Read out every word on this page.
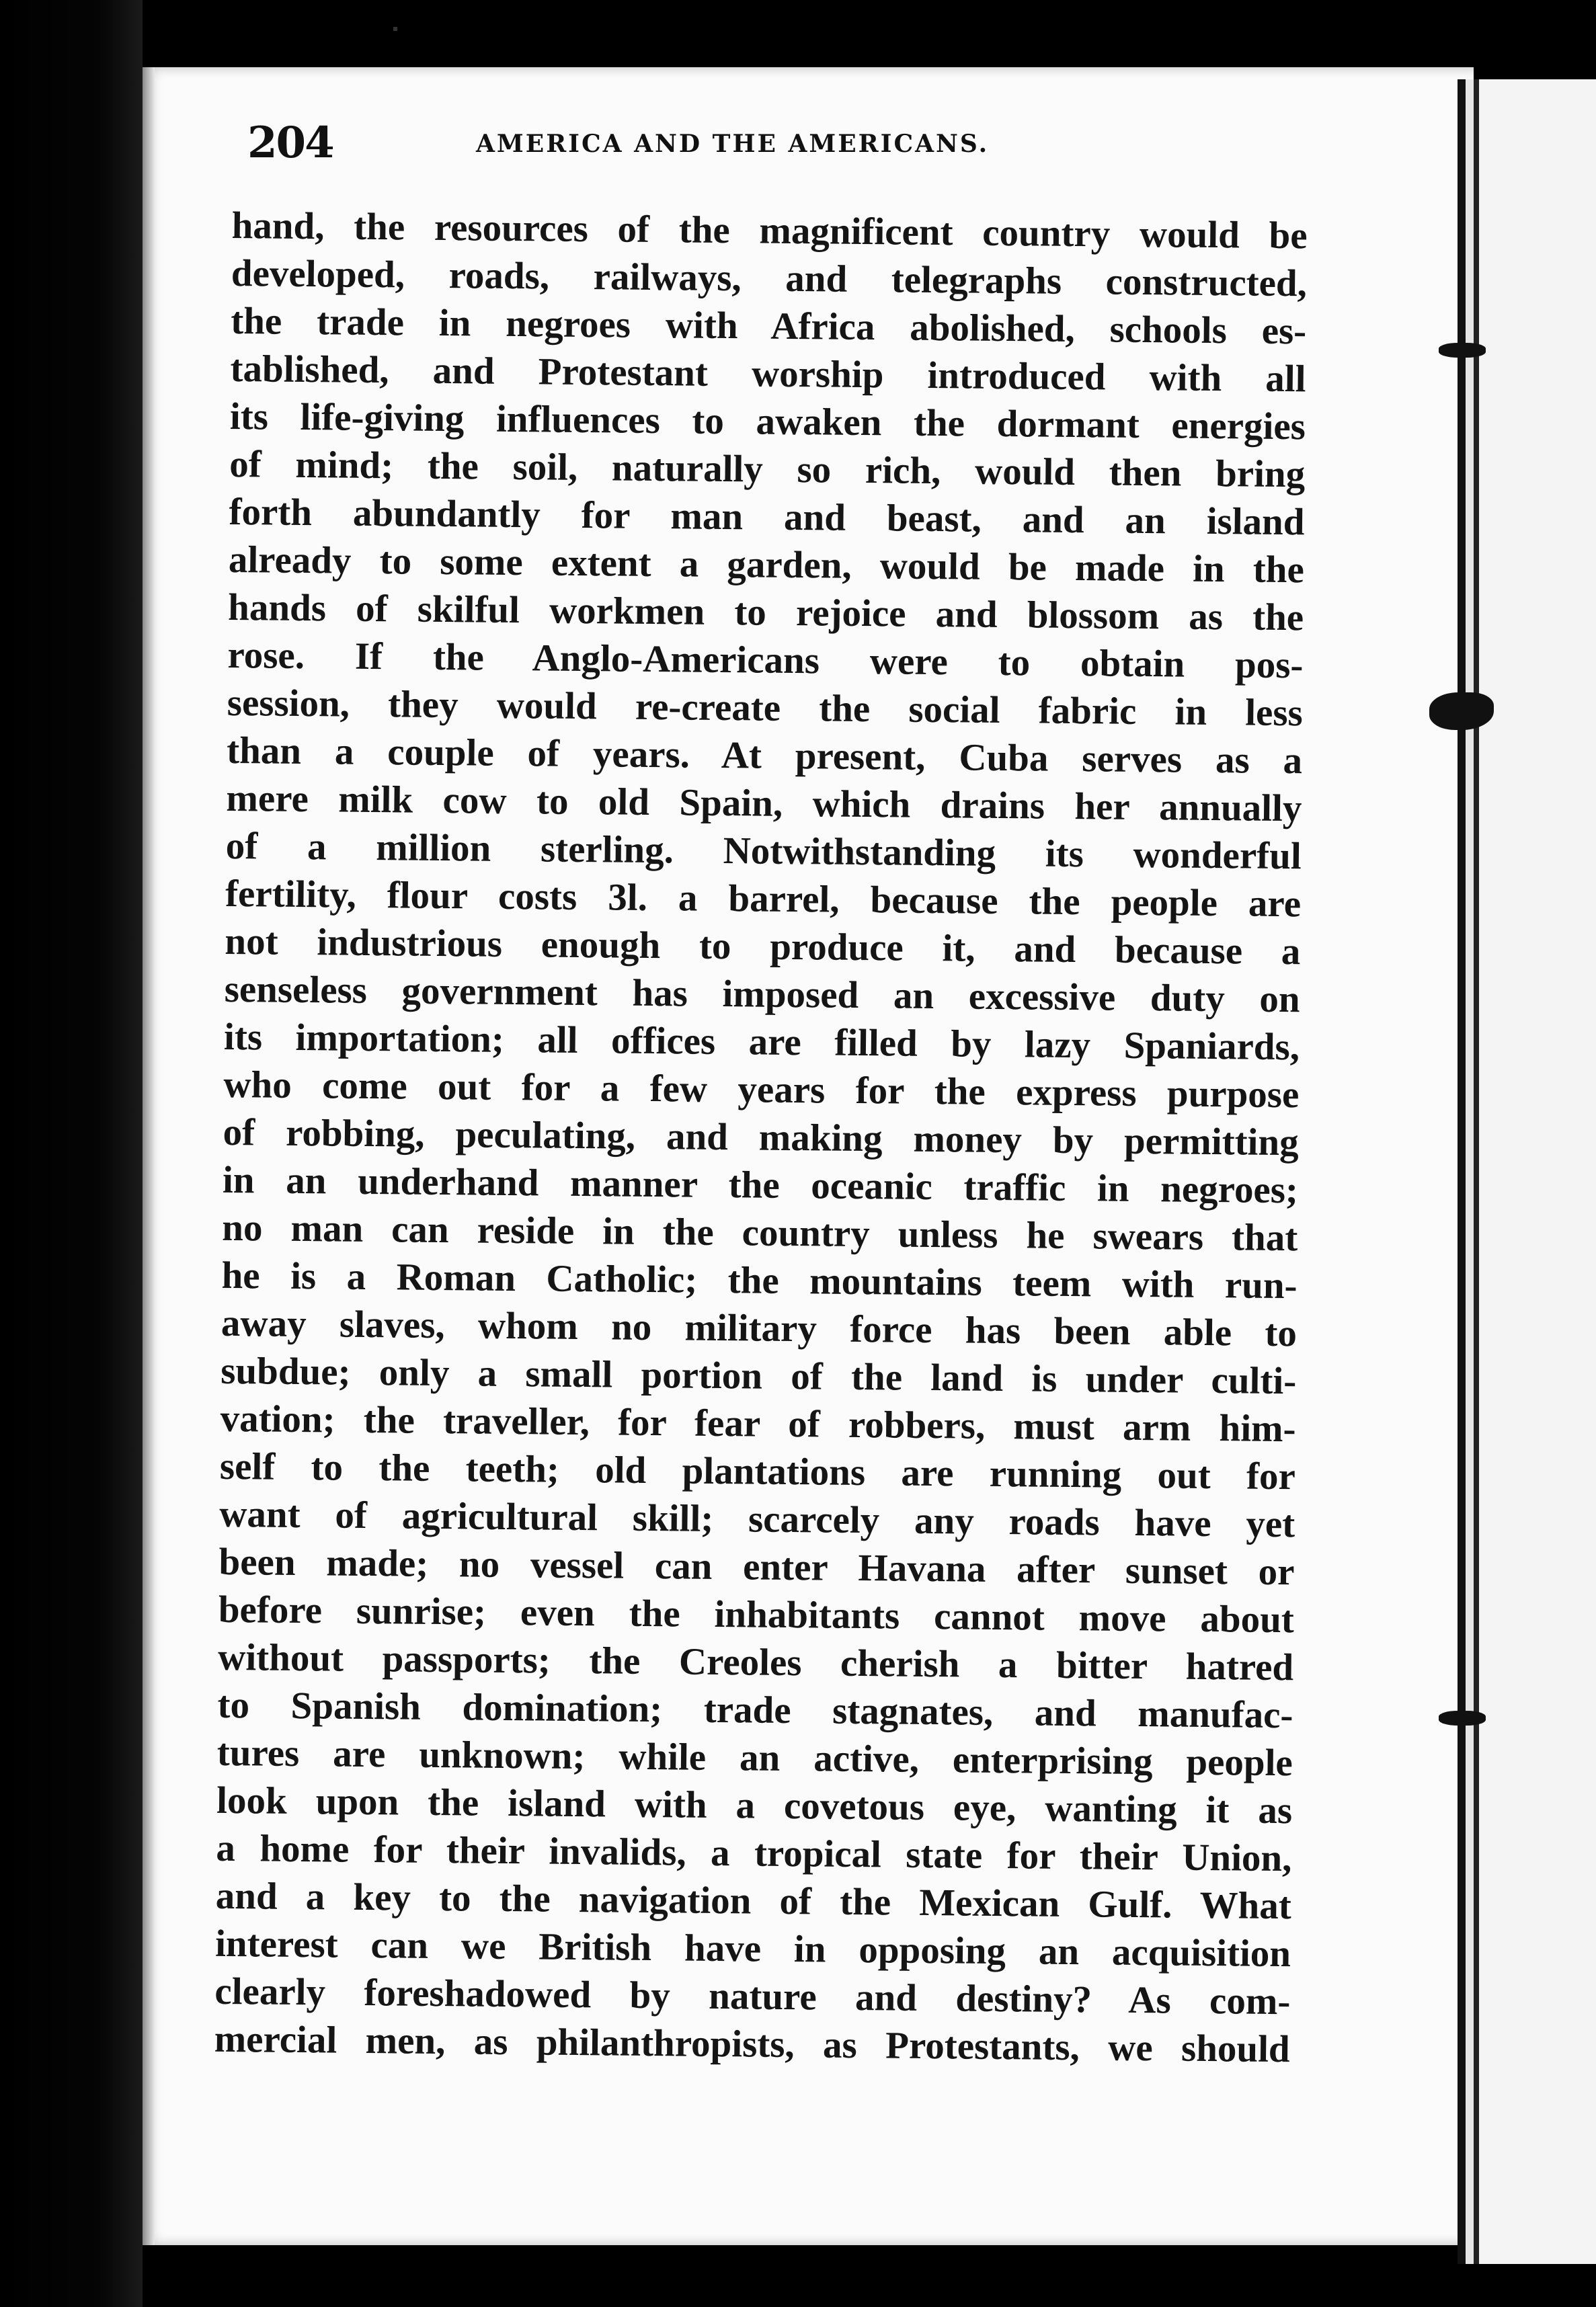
204	AMERICA AND THE AMERICANS.
hand, the resources of the magnificent country would be
developed, roads, railways, and telegraphs constructed,
the trade in negroes with Africa abolished, schools es-
tablished, and Protestant worship introduced with all
its life-giving influences to awaken the dormant energies
of mind; the soil, naturally so rich, would then bring
forth abundantly for man and beast, and an island
already to some extent a garden, would be made in the
hands of skilful workmen to rejoice and blossom as the
rose. If the Anglo-Americans were to obtain pos-
session, they would re-create the social fabric in less
than a couple of years. At present, Cuba serves as a
mere milk cow to old Spain, which drains her annually
of a million sterling. Notwithstanding its wonderful
fertility, flour costs 3l. a barrel, because the people are
not industrious enough to produce it, and because a
senseless government has imposed an excessive duty on
its importation; all offices are filled by lazy Spaniards,
who come out for a few years for the express purpose
of robbing, peculating, and making money by permitting
in an underhand manner the oceanic traffic in negroes;
no man can reside in the country unless he swears that
he is a Roman Catholic; the mountains teem with run-
away slaves, whom no military force has been able to
subdue; only a small portion of the land is under culti-
vation; the traveller, for fear of robbers, must arm him-
self to the teeth; old plantations are running out for
want of agricultural skill; scarcely any roads have yet
been made; no vessel can enter Havana after sunset or
before sunrise; even the inhabitants cannot move about
without passports; the Creoles cherish a bitter hatred
to Spanish domination; trade stagnates, and manufac-
tures are unknown; while an active, enterprising people
look upon the island with a covetous eye, wanting it as
a home for their invalids, a tropical state for their Union,
and a key to the navigation of the Mexican Gulf. What
interest can we British have in opposing an acquisition
clearly foreshadowed by nature and destiny? As com-
mercial men, as philanthropists, as Protestants, we should
